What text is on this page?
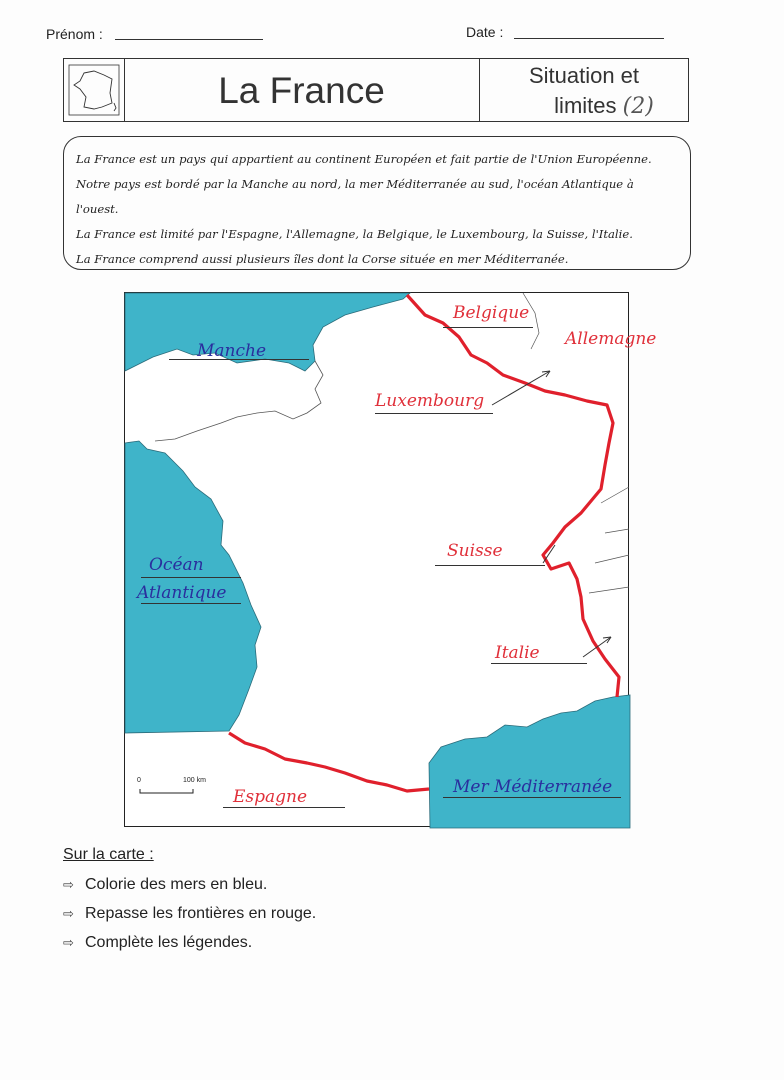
Prénom :	Date :
La France	Situation et
limites (2)
La France est un pays qui appartient au continent Européen et fait partie de l'Union Européenne.
Notre pays est bordé par la Manche au nord, la mer Méditerranée au sud, l'océan Atlantique à
l'ouest.
La France est limité par l'Espagne, l'Allemagne, la Belgique, le Luxembourg, la Suisse, l'Italie.
La France comprend aussi plusieurs îles dont la Corse située en mer Méditerranée.
Belgique
Allemagne
Manche
Luxembourg
Suisse
Océan
Atlantique
Italie
Espagne	Mer Méditerranée
0	100 km
Sur la carte :
⇨ Colorie des mers en bleu.
⇨ Repasse les frontières en rouge.
⇨ Complète les légendes.
